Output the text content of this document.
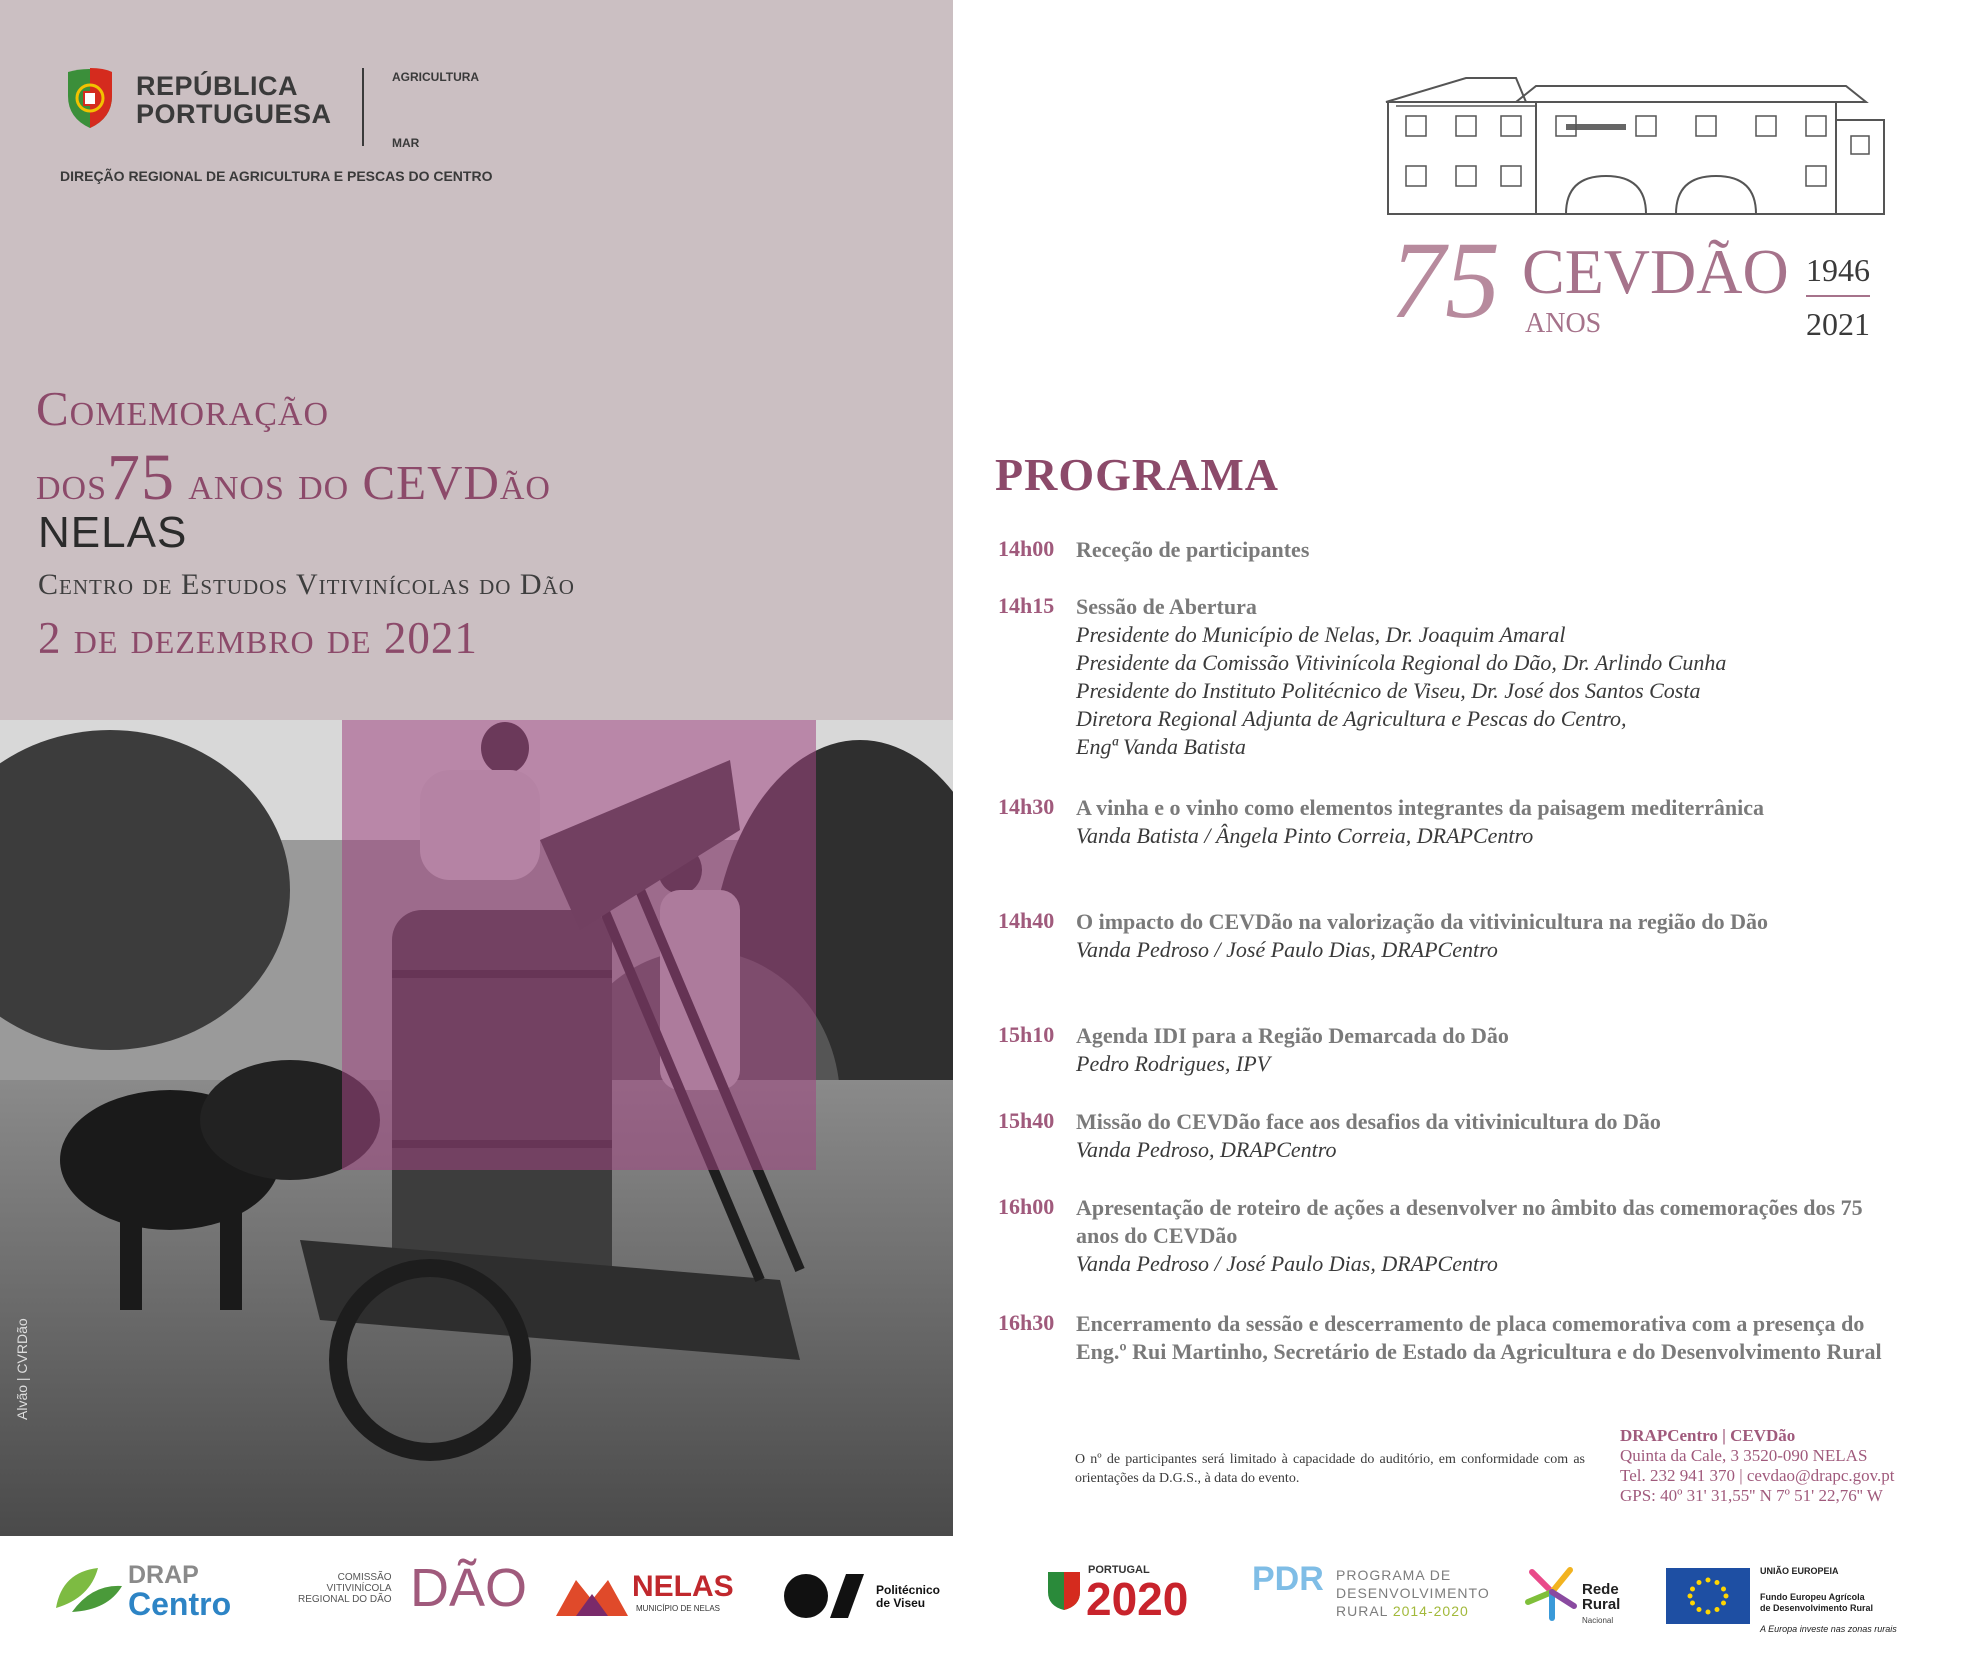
REPÚBLICA
PORTUGUESA
AGRICULTURA
MAR
DIREÇÃO REGIONAL DE AGRICULTURA E PESCAS DO CENTRO
Comemoração
dos75 anos do CEVDão
NELAS
Centro de Estudos Vitivinícolas do Dão
2 de dezembro de 2021
Alvão | CVRDão
75 CEVDÃO
ANOS
1946
2021
PROGRAMA
14h00 Receção de participantes
14h15 Sessão de Abertura
Presidente do Município de Nelas, Dr. Joaquim Amaral
Presidente da Comissão Vitivinícola Regional do Dão, Dr. Arlindo Cunha
Presidente do Instituto Politécnico de Viseu, Dr. José dos Santos Costa
Diretora Regional Adjunta de Agricultura e Pescas do Centro,
Engª Vanda Batista
14h30 A vinha e o vinho como elementos integrantes da paisagem mediterrânica
Vanda Batista / Ângela Pinto Correia, DRAPCentro
14h40 O impacto do CEVDão na valorização da vitivinicultura na região do Dão
Vanda Pedroso / José Paulo Dias, DRAPCentro
15h10 Agenda IDI para a Região Demarcada do Dão
Pedro Rodrigues, IPV
15h40 Missão do CEVDão face aos desafios da vitivinicultura do Dão
Vanda Pedroso, DRAPCentro
16h00 Apresentação de roteiro de ações a desenvolver no âmbito das comemorações dos 75 anos do CEVDão
Vanda Pedroso / José Paulo Dias, DRAPCentro
16h30 Encerramento da sessão e descerramento de placa comemorativa com a presença do Eng.º Rui Martinho, Secretário de Estado da Agricultura e do Desenvolvimento Rural
O nº de participantes será limitado à capacidade do auditório, em conformidade com as orientações da D.G.S., à data do evento.
DRAPCentro | CEVDão
Quinta da Cale, 3 3520-090 NELAS
Tel. 232 941 370 | cevdao@drapc.gov.pt
GPS: 40º 31' 31,55'' N 7º 51' 22,76'' W
DRAP
Centro
COMISSÃO
VITIVINÍCOLA
REGIONAL DO DÃO DÃO	NELAS
MUNICÍPIO DE NELAS
Politécnico
de Viseu
PORTUGAL
2020 PDR PROGRAMA DE
DESENVOLVIMENTO
RURAL 2014-2020
Rede
Rural
Nacional
UNIÃO EUROPEIA
Fundo Europeu Agrícola
de Desenvolvimento Rural
A Europa investe nas zonas rurais
